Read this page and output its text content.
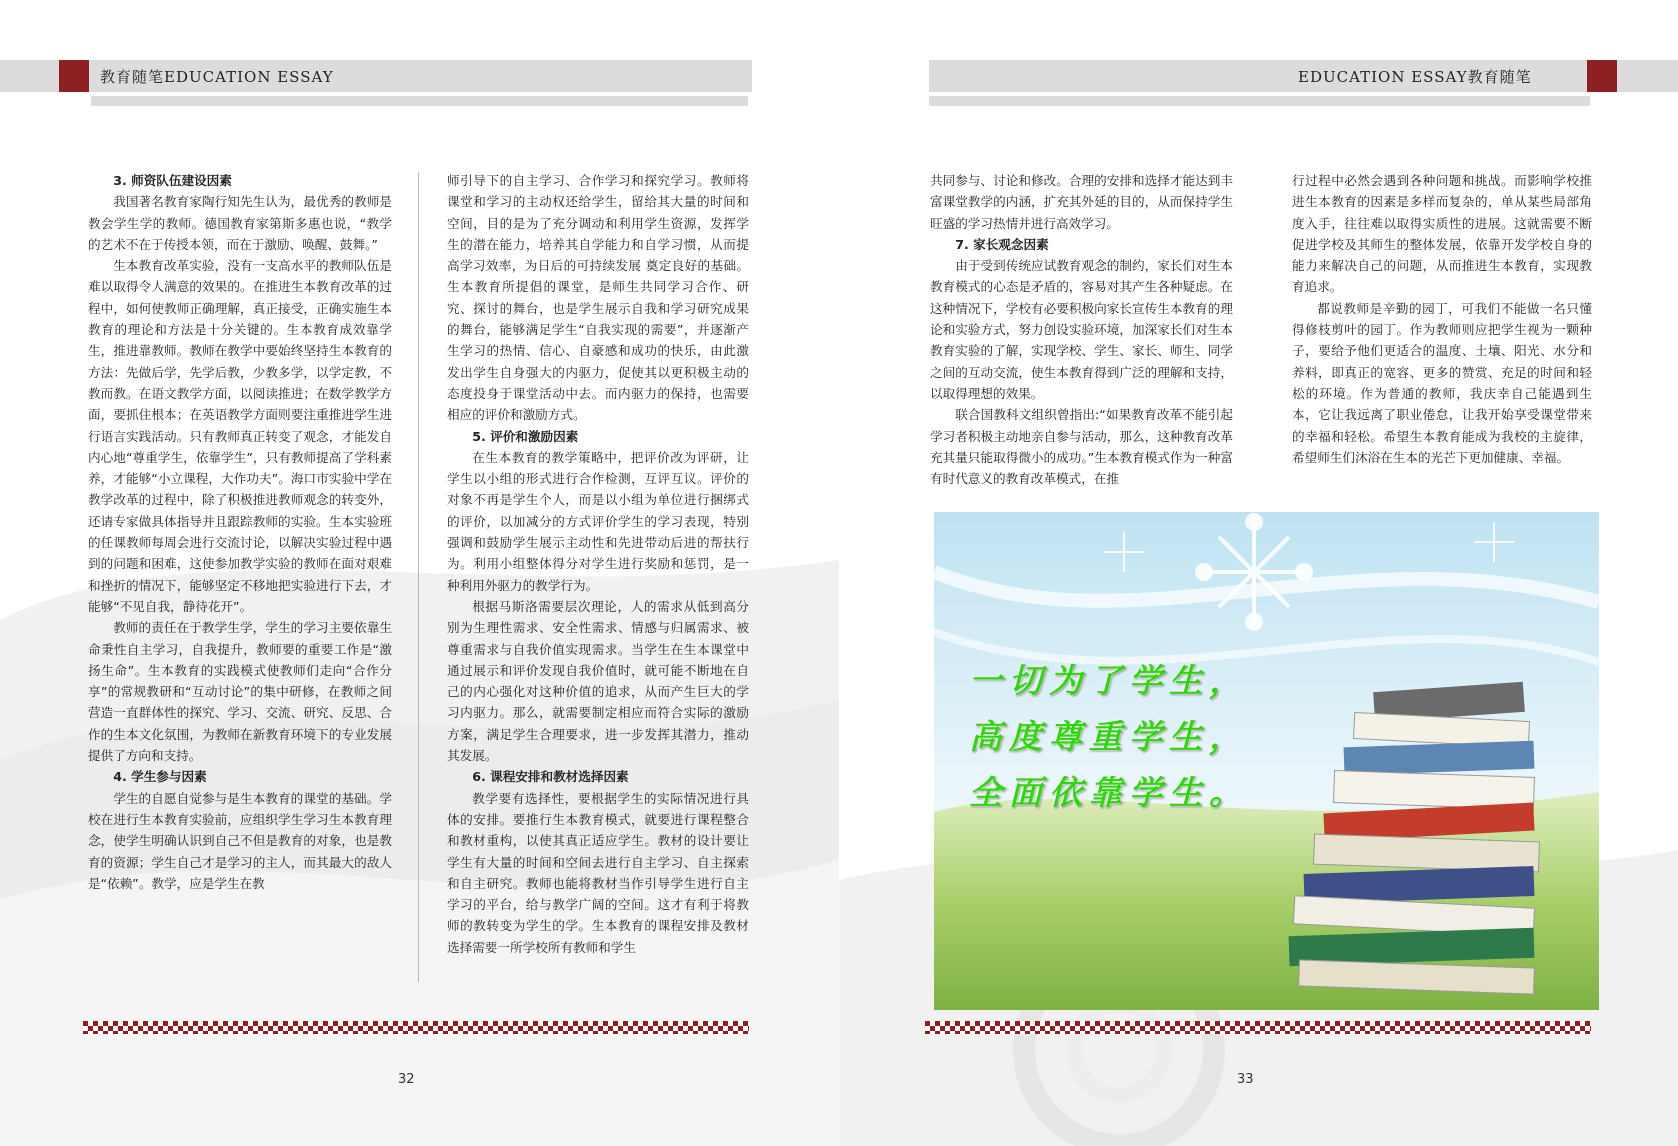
教育随笔EDUCATION ESSAY

3. 师资队伍建设因素

我国著名教育家陶行知先生认为，最优秀的教师是教会学生学的教师。德国教育家第斯多惠也说，“教学的艺术不在于传授本领，而在于激励、唤醒、鼓舞。”

生本教育改革实验，没有一支高水平的教师队伍是难以取得令人满意的效果的。在推进生本教育改革的过程中，如何使教师正确理解，真正接受，正确实施生本教育的理论和方法是十分关键的。生本教育成效靠学生，推进靠教师。教师在教学中要始终坚持生本教育的方法：先做后学，先学后教，少教多学，以学定教，不教而教。在语文教学方面，以阅读推进；在数学教学方面，要抓住根本；在英语教学方面则要注重推进学生进行语言实践活动。只有教师真正转变了观念，才能发自内心地“尊重学生，依靠学生”，只有教师提高了学科素养，才能够“小立课程，大作功夫”。海口市实验中学在教学改革的过程中，除了积极推进教师观念的转变外，还请专家做具体指导并且跟踪教师的实验。生本实验班的任课教师每周会进行交流讨论，以解决实验过程中遇到的问题和困难，这使参加教学实验的教师在面对艰难和挫折的情况下，能够坚定不移地把实验进行下去，才能够“不见自我，静待花开”。

教师的责任在于教学生学，学生的学习主要依靠生命秉性自主学习，自我提升，教师要的重要工作是“激扬生命”。生本教育的实践模式使教师们走向“合作分享”的常规教研和“互动讨论”的集中研修，在教师之间营造一直群体性的探究、学习、交流、研究、反思、合作的生本文化氛围，为教师在新教育环境下的专业发展提供了方向和支持。

4. 学生参与因素

学生的自愿自觉参与是生本教育的课堂的基础。学校在进行生本教育实验前，应组织学生学习生本教育理念，使学生明确认识到自己不但是教育的对象，也是教育的资源；学生自己才是学习的主人，而其最大的敌人是“依赖”。教学，应是学生在教

师引导下的自主学习、合作学习和探究学习。教师将课堂和学习的主动权还给学生，留给其大量的时间和空间，目的是为了充分调动和利用学生资源，发挥学生的潜在能力，培养其自学能力和自学习惯，从而提高学习效率，为日后的可持续发展 奠定良好的基础。生本教育所提倡的课堂，是师生共同学习合作、研究、探讨的舞台，也是学生展示自我和学习研究成果的舞台，能够满足学生“自我实现的需要”，并逐渐产生学习的热情、信心、自豪感和成功的快乐，由此激发出学生自身强大的内驱力，促使其以更积极主动的态度投身于课堂活动中去。而内驱力的保持，也需要相应的评价和激励方式。

5. 评价和激励因素

在生本教育的教学策略中，把评价改为评研，让学生以小组的形式进行合作检测，互评互议。评价的对象不再是学生个人，而是以小组为单位进行捆绑式的评价，以加减分的方式评价学生的学习表现，特别强调和鼓励学生展示主动性和先进带动后进的帮扶行为。利用小组整体得分对学生进行奖励和惩罚，是一种利用外驱力的教学行为。

根据马斯洛需要层次理论，人的需求从低到高分别为生理性需求、安全性需求、情感与归属需求、被尊重需求与自我价值实现需求。当学生在生本课堂中通过展示和评价发现自我价值时，就可能不断地在自己的内心强化对这种价值的追求，从而产生巨大的学习内驱力。那么，就需要制定相应而符合实际的激励方案，满足学生合理要求，进一步发挥其潜力，推动其发展。

6. 课程安排和教材选择因素

教学要有选择性，要根据学生的实际情况进行具体的安排。要推行生本教育模式，就要进行课程整合和教材重构，以使其真正适应学生。教材的设计要让学生有大量的时间和空间去进行自主学习、自主探索和自主研究。教师也能将教材当作引导学生进行自主学习的平台，给与教学广阔的空间。这才有利于将教师的教转变为学生的学。生本教育的课程安排及教材选择需要一所学校所有教师和学生

32
EDUCATION ESSAY教育随笔

共同参与、讨论和修改。合理的安排和选择才能达到丰富课堂教学的内涵，扩充其外延的目的，从而保持学生旺盛的学习热情并进行高效学习。

7. 家长观念因素

由于受到传统应试教育观念的制约，家长们对生本教育模式的心态是矛盾的，容易对其产生各种疑虑。在这种情况下，学校有必要积极向家长宣传生本教育的理论和实验方式，努力创设实验环境，加深家长们对生本教育实验的了解，实现学校、学生、家长、师生、同学之间的互动交流，使生本教育得到广泛的理解和支持，以取得理想的效果。

联合国教科文组织曾指出:“如果教育改革不能引起学习者积极主动地亲自参与活动，那么，这种教育改革充其量只能取得微小的成功。”生本教育模式作为一种富有时代意义的教育改革模式，在推

行过程中必然会遇到各种问题和挑战。而影响学校推进生本教育的因素是多样而复杂的，单从某些局部角度入手，往往难以取得实质性的进展。这就需要不断促进学校及其师生的整体发展，依靠开发学校自身的能力来解决自己的问题，从而推进生本教育，实现教育追求。

都说教师是辛勤的园丁，可我们不能做一名只懂得修枝剪叶的园丁。作为教师则应把学生视为一颗种子，要给予他们更适合的温度、土壤、阳光、水分和养料，即真正的宽容、更多的赞赏、充足的时间和轻松的环境。作为普通的教师，我庆幸自己能遇到生本，它让我远离了职业倦怠，让我开始享受课堂带来的幸福和轻松。希望生本教育能成为我校的主旋律，希望师生们沐浴在生本的光芒下更加健康、幸福。

一切为了学生，
高度尊重学生，
全面依靠学生。
33
